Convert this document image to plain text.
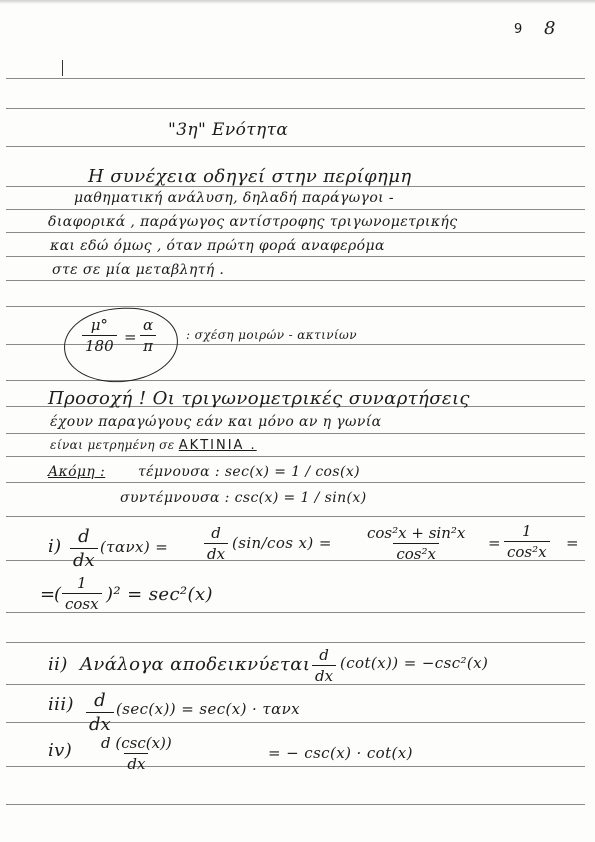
9 8
"3η" Ενότητα
Η συνέχεια οδηγεί στην περίφημη
μαθηματική ανάλυση, δηλαδή παράγωγοι -
διαφορικά , παράγωγος αντίστροφης τριγωνομετρικής
και εδώ όμως , όταν πρώτη φορά αναφερόμα
στε σε μία μεταβλητή .
$\frac{\mu^\circ}{180} = \frac{\alpha}{\pi}$ : σχέση μοιρών - ακτινίων
Προσοχή ! Οι τριγωνομετρικές συναρτήσεις
έχουν παραγώγους εάν και μόνο αν η γωνία
είναι μετρημένη σε ΑΚΤΙΝΙΑ .
Ακόμη : τέμνουσα : sec(x) = 1 / cos(x)
συντέμνουσα : csc(x) = 1 / sin(x)
$i) \frac{d}{dx} (\tau\alpha\nu x) = \frac{d}{dx} (\sin/\cos$ $x) = \frac{\text{cos²x + sin²x}}{\text{cos²x}} = \frac{1}{\text{cos²x}}$ =
=
( $\frac{1}{\cos x} )^2 = \sec^2(x)$
ii) Ανάλογα αποδεικνύεται $\frac{d}{dx} (\cot(x)) = -\csc^2(x)$
$iii) \frac{d}{dx} (\sec(x)) = \sec(x) \cdot \tau\alpha\nu x$
iv) d (csc(x))
dx
= − csc(x) · cot(x)
